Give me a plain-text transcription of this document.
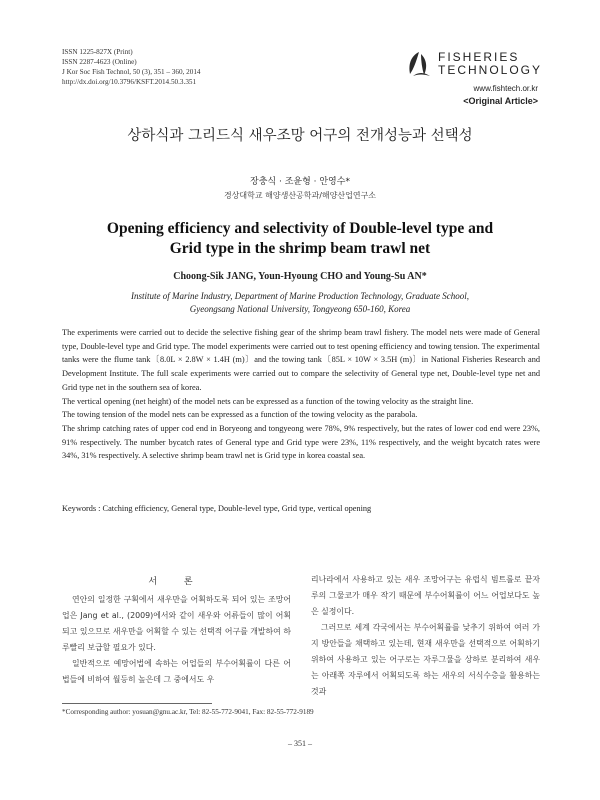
ISSN 1225-827X (Print)
ISSN 2287-4623 (Online)
J Kor Soc Fish Technol, 50 (3), 351 – 360, 2014
http://dx.doi.org/10.3796/KSFT.2014.50.3.351
FISHERIES
TECHNOLOGY
www.fishtech.or.kr
<Original Article>
상하식과 그리드식 새우조망 어구의 전개성능과 선택성
장충식 · 조윤형 · 안영수*
경상대학교 해양생산공학과/해양산업연구소
Opening efficiency and selectivity of Double-level type and
Grid type in the shrimp beam trawl net
Choong-Sik JANG, Youn-Hyoung CHO and Young-Su AN*
Institute of Marine Industry, Department of Marine Production Technology, Graduate School,
Gyeongsang National University, Tongyeong 650-160, Korea

The experiments were carried out to decide the selective fishing gear of the shrimp beam trawl fishery. The model nets were made of General type, Double-level type and Grid type. The model experiments were carried out to test opening efficiency and towing tension. The experimental tanks were the flume tank〔8.0L × 2.8W × 1.4H (m)〕and the towing tank〔85L × 10W × 3.5H (m)〕in National Fisheries Research and Development Institute. The full scale experiments were carried out to compare the selectivity of General type net, Double-level type net and Grid type net in the southern sea of korea.

The vertical opening (net height) of the model nets can be expressed as a function of the towing velocity as the straight line.

The towing tension of the model nets can be expressed as a function of the towing velocity as the parabola.

The shrimp catching rates of upper cod end in Boryeong and tongyeong were 78%, 9% respectively, but the rates of lower cod end were 23%, 91% respectively. The number bycatch rates of General type and Grid type were 23%, 11% respectively, and the weight bycatch rates were 34%, 31% respectively. A selective shrimp beam trawl net is Grid type in korea coastal sea.

Keywords : Catching efficiency, General type, Double-level type, Grid type, vertical opening

서 론

연안의 일정한 구획에서 새우만을 어획하도록 되어 있는 조망어업은 Jang et al., (2009)에서와 같이 새우와 어류들이 많이 어획되고 있으므로 새우만을 어획할 수 있는 선택적 어구를 개발하여 하루빨리 보급할 필요가 있다.

일반적으로 예망어법에 속하는 어업들의 부수어획률이 다른 어법들에 비하여 월등히 높은데 그 중에서도 우

리나라에서 사용하고 있는 새우 조망어구는 유럽식 빔트롤로 끝자루의 그물코가 매우 작기 때문에 부수어획률이 어느 어업보다도 높은 실정이다.

그러므로 세계 각국에서는 부수어획률를 낮추기 위하여 여러 가지 방안들을 채택하고 있는데, 현재 새우만을 선택적으로 어획하기 위하여 사용하고 있는 어구로는 자루그물을 상하로 분리하여 새우는 아래쪽 자루에서 어획되도록 하는 새우의 서식수층을 활용하는 것과

*Corresponding author: yosuan@gnu.ac.kr, Tel: 82-55-772-9041, Fax: 82-55-772-9189
– 351 –
